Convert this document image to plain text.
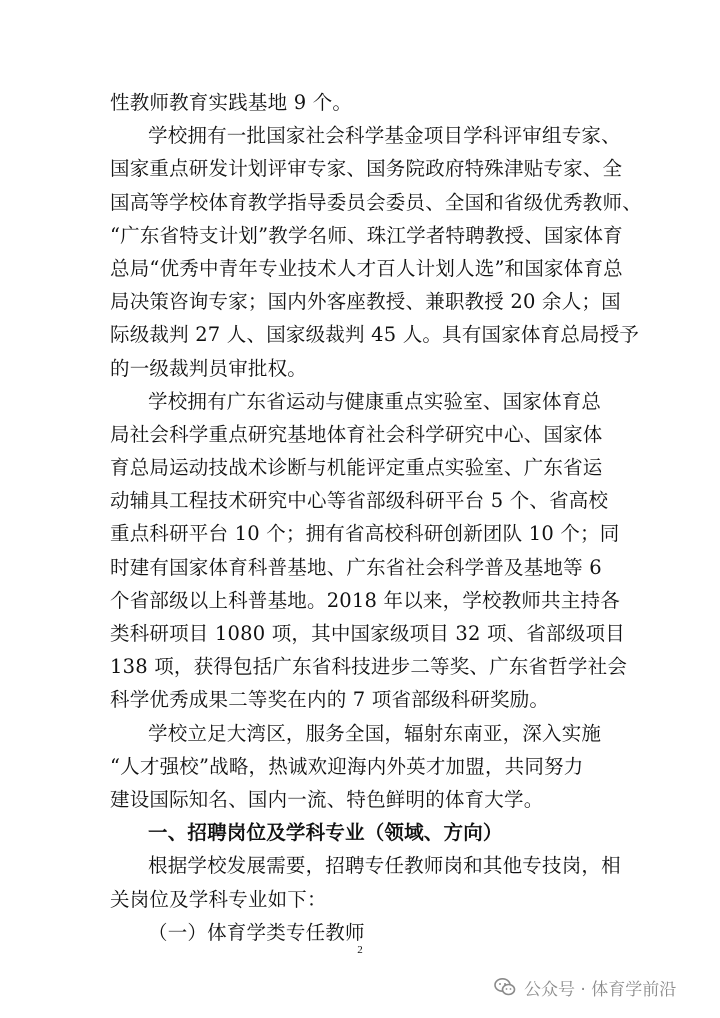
性教师教育实践基地 9 个。
学校拥有一批国家社会科学基金项目学科评审组专家、
国家重点研发计划评审专家、国务院政府特殊津贴专家、全
国高等学校体育教学指导委员会委员、全国和省级优秀教师、
“广东省特支计划”教学名师、珠江学者特聘教授、国家体育
总局“优秀中青年专业技术人才百人计划人选”和国家体育总
局决策咨询专家；国内外客座教授、兼职教授 20 余人；国
际级裁判 27 人、国家级裁判 45 人。具有国家体育总局授予
的一级裁判员审批权。
学校拥有广东省运动与健康重点实验室、国家体育总
局社会科学重点研究基地体育社会科学研究中心、国家体
育总局运动技战术诊断与机能评定重点实验室、广东省运
动辅具工程技术研究中心等省部级科研平台 5 个、省高校
重点科研平台 10 个；拥有省高校科研创新团队 10 个；同
时建有国家体育科普基地、广东省社会科学普及基地等 6
个省部级以上科普基地。2018 年以来，学校教师共主持各
类科研项目 1080 项，其中国家级项目 32 项、省部级项目
138 项，获得包括广东省科技进步二等奖、广东省哲学社会
科学优秀成果二等奖在内的 7 项省部级科研奖励。
学校立足大湾区，服务全国，辐射东南亚，深入实施
“人才强校”战略，热诚欢迎海内外英才加盟，共同努力
建设国际知名、国内一流、特色鲜明的体育大学。
一、招聘岗位及学科专业（领域、方向）
根据学校发展需要，招聘专任教师岗和其他专技岗，相
关岗位及学科专业如下：
（一）体育学类专任教师
2
公众号 · 体育学前沿
